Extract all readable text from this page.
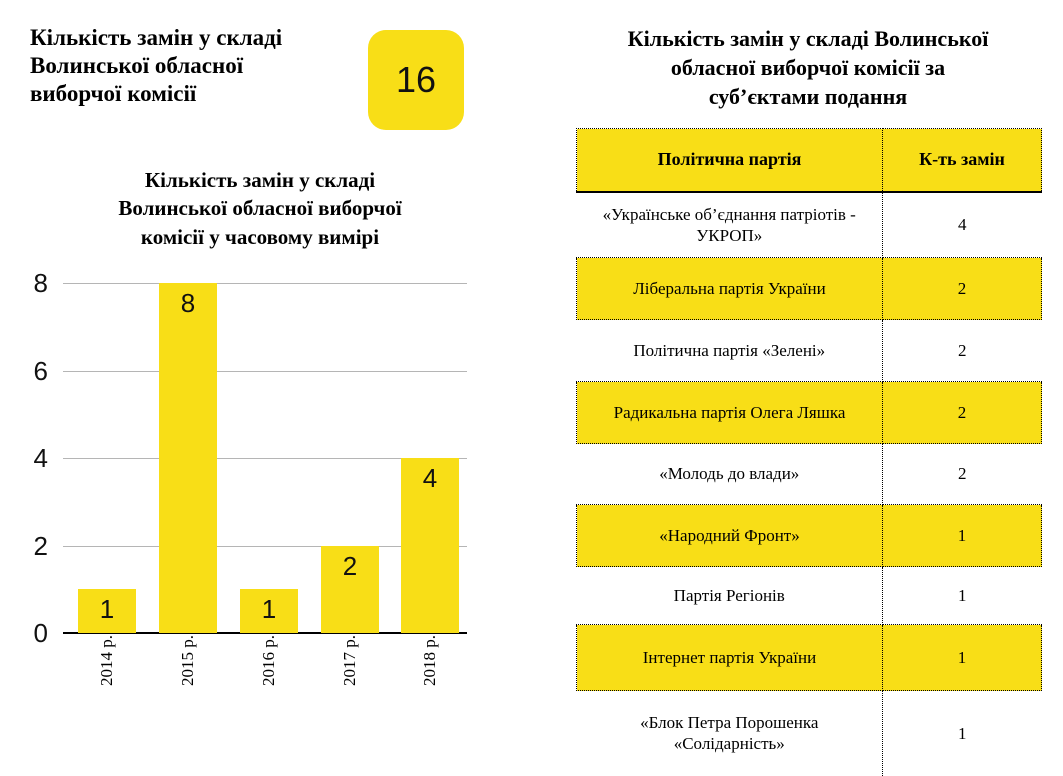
Кількість замін у складі
Волинської обласної
виборчої комісії	16
Кількість замін у складі
Волинської обласної виборчої
комісії у часовому вимірі
0
2
4
6
8
1
2014 р.
8
2015 р.
1
2016 р.
2
2017 р.
4
2018 р.
Кількість замін у складі Волинської
обласної виборчої комісії за
суб’єктами подання
Політична партія	К-ть замін
«Українське об’єднання патріотів - УКРОП»	4
Ліберальна партія України	2
Політична партія «Зелені»	2
Радикальна партія Олега Ляшка	2
«Молодь до влади»	2
«Народний Фронт»	1
Партія Регіонів	1
Інтернет партія України	1
«Блок Петра Порошенка «Солідарність»	1
